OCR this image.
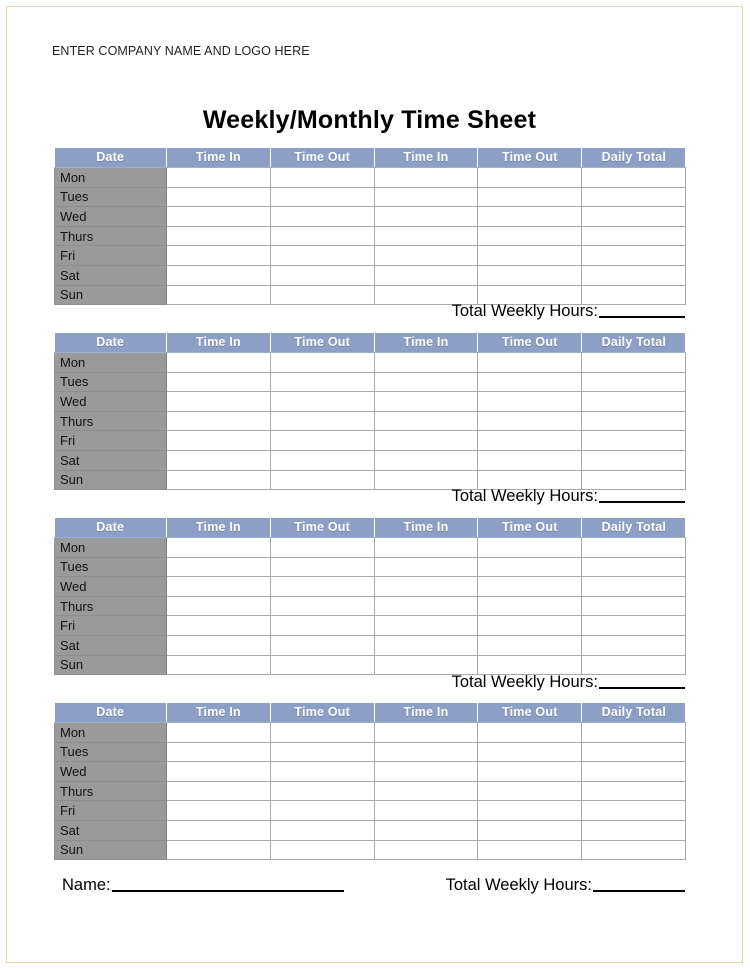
ENTER COMPANY NAME AND LOGO HERE
Weekly/Monthly Time Sheet
Date	Time In	Time Out	Time In	Time Out	Daily Total
Mon					
Tues					
Wed					
Thurs					
Fri					
Sat					
Sun					
Total Weekly Hours:
Date	Time In	Time Out	Time In	Time Out	Daily Total
Mon					
Tues					
Wed					
Thurs					
Fri					
Sat					
Sun					
Total Weekly Hours:
Date	Time In	Time Out	Time In	Time Out	Daily Total
Mon					
Tues					
Wed					
Thurs					
Fri					
Sat					
Sun					
Total Weekly Hours:
Date	Time In	Time Out	Time In	Time Out	Daily Total
Mon					
Tues					
Wed					
Thurs					
Fri					
Sat					
Sun					
Name:	Total Weekly Hours:
